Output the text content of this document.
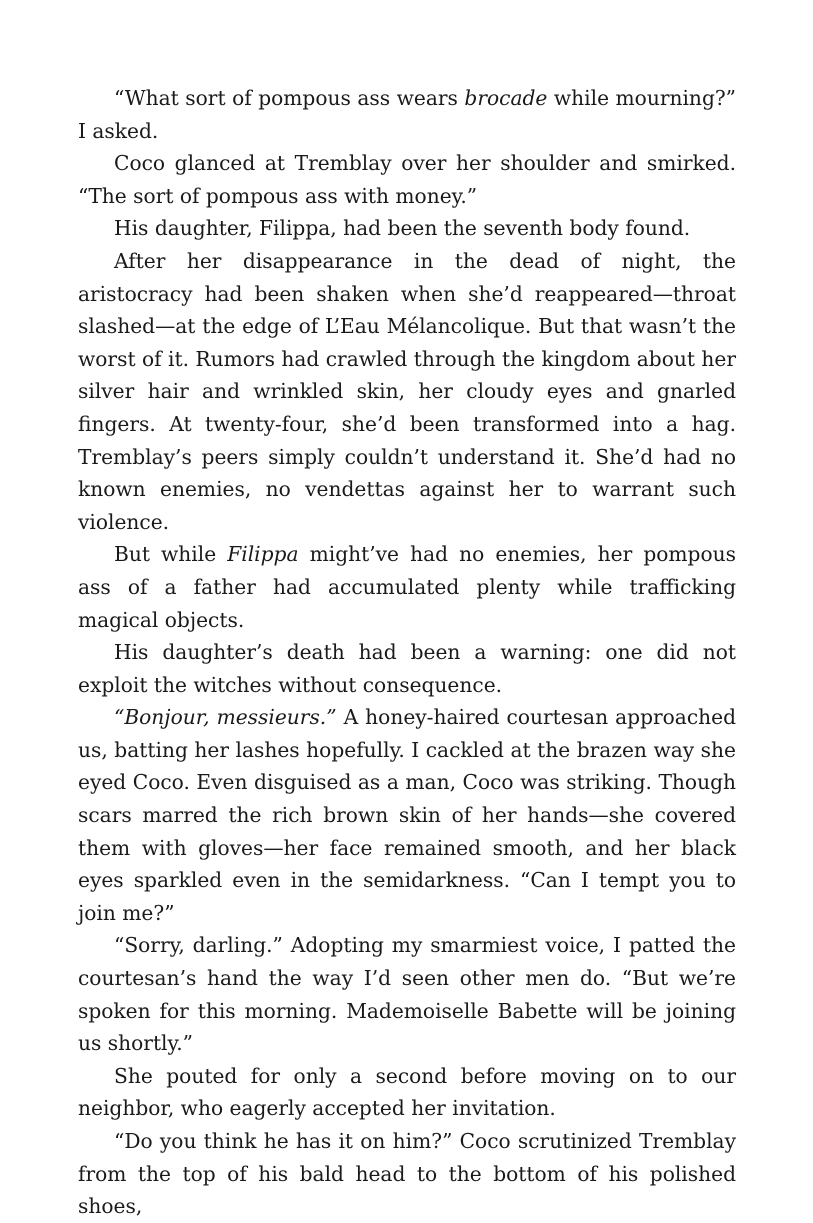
“What sort of pompous ass wears brocade while mourning?” I asked.

Coco glanced at Tremblay over her shoulder and smirked. “The sort of pompous ass with money.”

His daughter, Filippa, had been the seventh body found.

After her disappearance in the dead of night, the aristocracy had been shaken when she’d reappeared—throat slashed—at the edge of L’Eau Mélancolique. But that wasn’t the worst of it. Rumors had crawled through the kingdom about her silver hair and wrinkled skin, her cloudy eyes and gnarled fingers. At twenty-four, she’d been transformed into a hag. Tremblay’s peers simply couldn’t understand it. She’d had no known enemies, no vendettas against her to warrant such violence.

But while Filippa might’ve had no enemies, her pompous ass of a father had accumulated plenty while trafficking magical objects.

His daughter’s death had been a warning: one did not exploit the witches without consequence.

“Bonjour, messieurs.” A honey-haired courtesan approached us, batting her lashes hopefully. I cackled at the brazen way she eyed Coco. Even disguised as a man, Coco was striking. Though scars marred the rich brown skin of her hands—she covered them with gloves—her face remained smooth, and her black eyes sparkled even in the semidarkness. “Can I tempt you to join me?”

“Sorry, darling.” Adopting my smarmiest voice, I patted the courtesan’s hand the way I’d seen other men do. “But we’re spoken for this morning. Mademoiselle Babette will be joining us shortly.”

She pouted for only a second before moving on to our neighbor, who eagerly accepted her invitation.

“Do you think he has it on him?” Coco scrutinized Tremblay from the top of his bald head to the bottom of his polished shoes,
